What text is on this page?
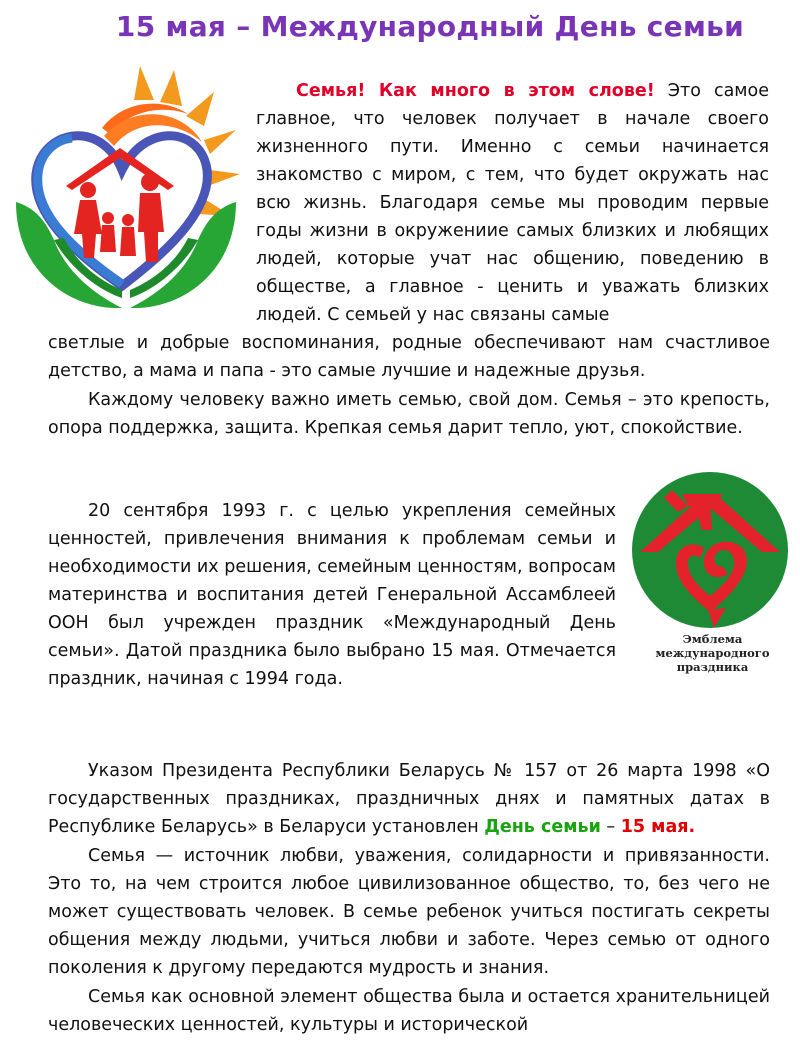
15 мая – Международный День семьи
Семья! Как много в этом слове! Это самое главное, что человек получает в начале своего жизненного пути. Именно с семьи начинается знакомство с миром, с тем, что будет окружать нас всю жизнь. Благодаря семье мы проводим первые годы жизни в окружениие самых близких и любящих людей, которые учат нас общению, поведению в обществе, а главное - ценить и уважать близких людей. С семьей у нас связаны самые
светлые и добрые воспоминания, родные обеспечивают нам счастливое детство, а мама и папа - это самые лучшие и надежные друзья.
Каждому человеку важно иметь семью, свой дом. Семья – это крепость, опора поддержка, защита. Крепкая семья дарит тепло, уют, спокойствие.
20 сентября 1993 г. с целью укрепления семейных ценностей, привлечения внимания к проблемам семьи и необходимости их решения, семейным ценностям, вопросам материнства и воспитания детей Генеральной Ассамблеей ООН был учрежден праздник «Международный День семьи». Датой праздника было выбрано 15 мая. Отмечается праздник, начиная с 1994 года.
Эмблема международного праздника
Указом Президента Республики Беларусь № 157 от 26 марта 1998 «О государственных праздниках, праздничных днях и памятных датах в Республике Беларусь» в Беларуси установлен День семьи – 15 мая.
Семья — источник любви, уважения, солидарности и привязанности. Это то, на чем строится любое цивилизованное общество, то, без чего не может существовать человек. В семье ребенок учиться постигать секреты общения между людьми, учиться любви и заботе. Через семью от одного поколения к другому передаются мудрость и знания.
Семья как основной элемент общества была и остается хранительницей человеческих ценностей, культуры и исторической
